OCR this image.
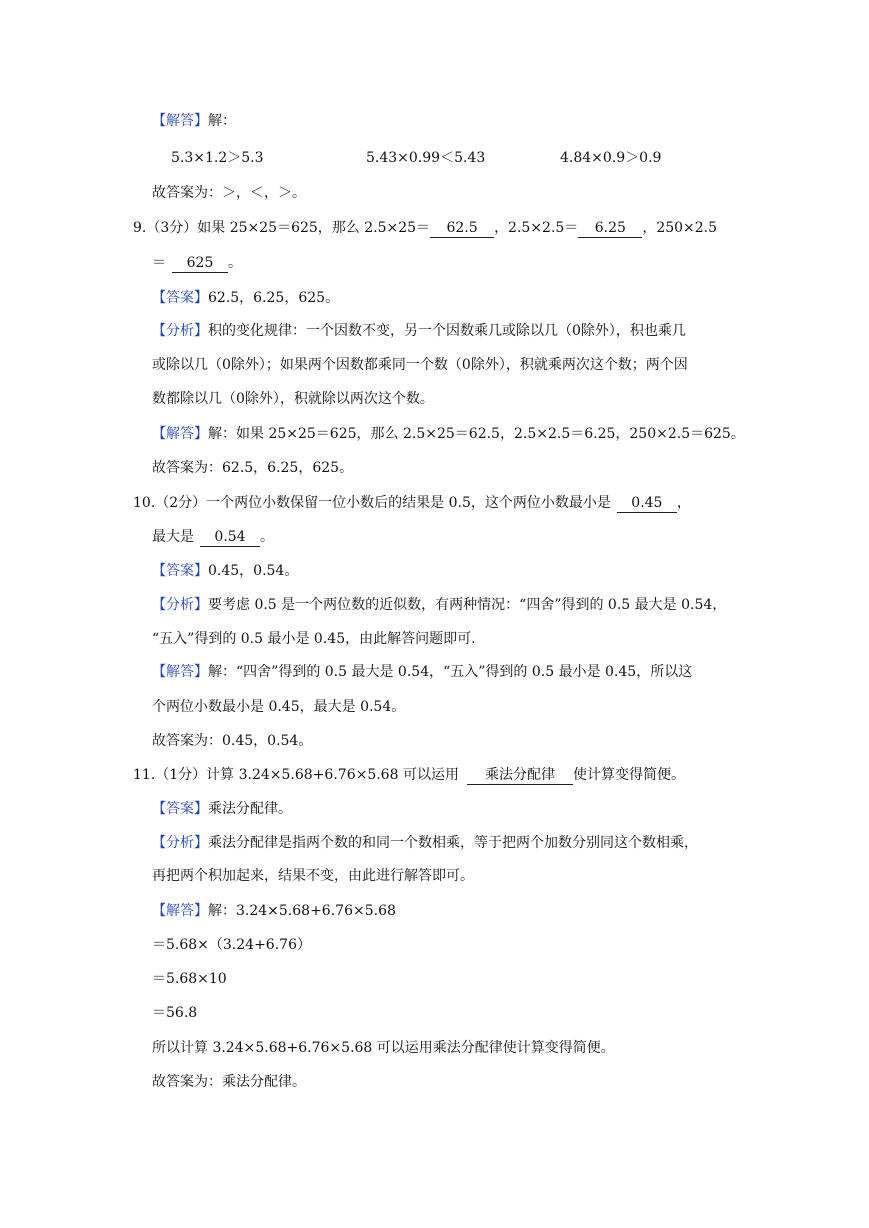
【解答】解：
5.3×1.2＞5.3	5.43×0.99＜5.43	4.84×0.9＞0.9
故答案为：＞，＜，＞。
9.（3分）如果 25×25＝625，那么 2.5×25＝ 62.5 ，2.5×2.5＝ 6.25 ，250×2.5
＝ 625 。
【答案】62.5，6.25，625。
【分析】积的变化规律：一个因数不变，另一个因数乘几或除以几（0除外），积也乘几
或除以几（0除外）；如果两个因数都乘同一个数（0除外），积就乘两次这个数；两个因
数都除以几（0除外），积就除以两次这个数。
【解答】解：如果 25×25＝625，那么 2.5×25＝62.5，2.5×2.5＝6.25，250×2.5＝625。
故答案为：62.5，6.25，625。
10.（2分）一个两位小数保留一位小数后的结果是 0.5，这个两位小数最小是 0.45 ，
最大是 0.54 。
【答案】0.45，0.54。
【分析】要考虑 0.5 是一个两位数的近似数，有两种情况：“四舍”得到的 0.5 最大是 0.54，
“五入”得到的 0.5 最小是 0.45，由此解答问题即可.
【解答】解：“四舍”得到的 0.5 最大是 0.54，“五入”得到的 0.5 最小是 0.45，所以这
个两位小数最小是 0.45，最大是 0.54。
故答案为：0.45，0.54。
11.（1分）计算 3.24×5.68+6.76×5.68 可以运用 乘法分配律 使计算变得简便。
【答案】乘法分配律。
【分析】乘法分配律是指两个数的和同一个数相乘，等于把两个加数分别同这个数相乘，
再把两个积加起来，结果不变，由此进行解答即可。
【解答】解：3.24×5.68+6.76×5.68
＝5.68×（3.24+6.76）
＝5.68×10
＝56.8
所以计算 3.24×5.68+6.76×5.68 可以运用乘法分配律使计算变得简便。
故答案为：乘法分配律。
